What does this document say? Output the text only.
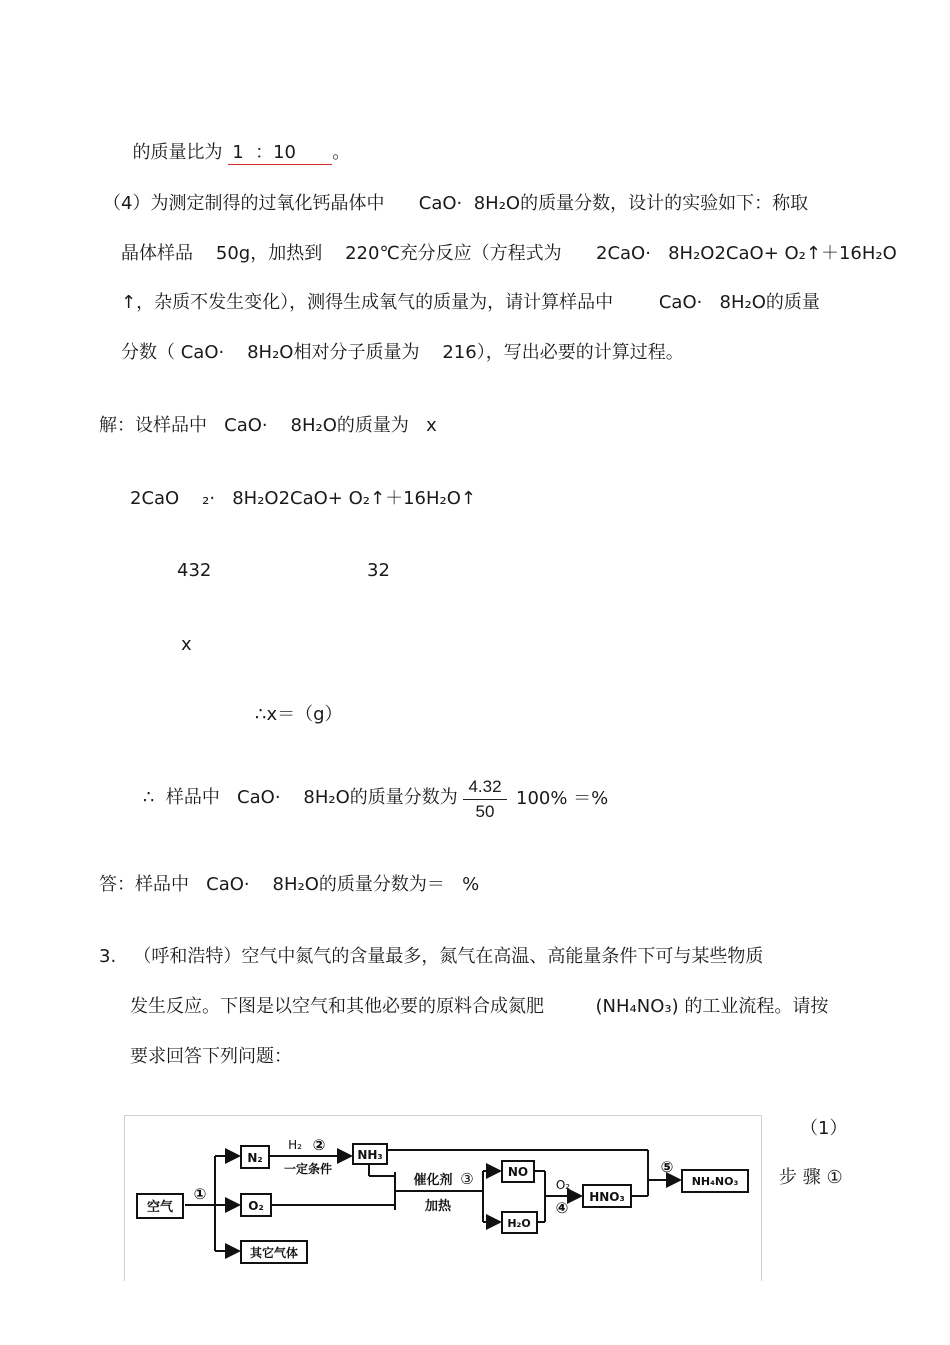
的质量比为 1  ：10 。

（4）为测定制得的过氧化钙晶体中      CaO·  8H₂O的质量分数，设计的实验如下：称取
晶体样品    50g，加热到    220℃充分反应（方程式为      2CaO·   8H₂O2CaO+ O₂↑＋16H₂O
↑，杂质不发生变化），测得生成氧气的质量为，请计算样品中        CaO·   8H₂O的质量
分数（ CaO·    8H₂O相对分子质量为    216），写出必要的计算过程。
解：设样品中   CaO·    8H₂O的质量为   x
2CaO    ₂·   8H₂O2CaO+ O₂↑＋16H₂O↑
432	32
x
∴x＝（g）
∴  样品中   CaO·    8H₂O的质量分数为
4.32
50
100% ＝%
答：样品中   CaO·    8H₂O的质量分数为＝   %
3.   （呼和浩特）空气中氮气的含量最多，氮气在高温、高能量条件下可与某些物质
发生反应。下图是以空气和其他必要的原料合成氮肥         (NH₄NO₃) 的工业流程。请按
要求回答下列问题：
（1）
步 骤 ①
空气
①
N₂
O₂
其它气体
H₂ ②
一定条件
NH₃
催化剂 ③
加热
NO
H₂O
O₂
④
HNO₃
⑤
NH₄NO₃
